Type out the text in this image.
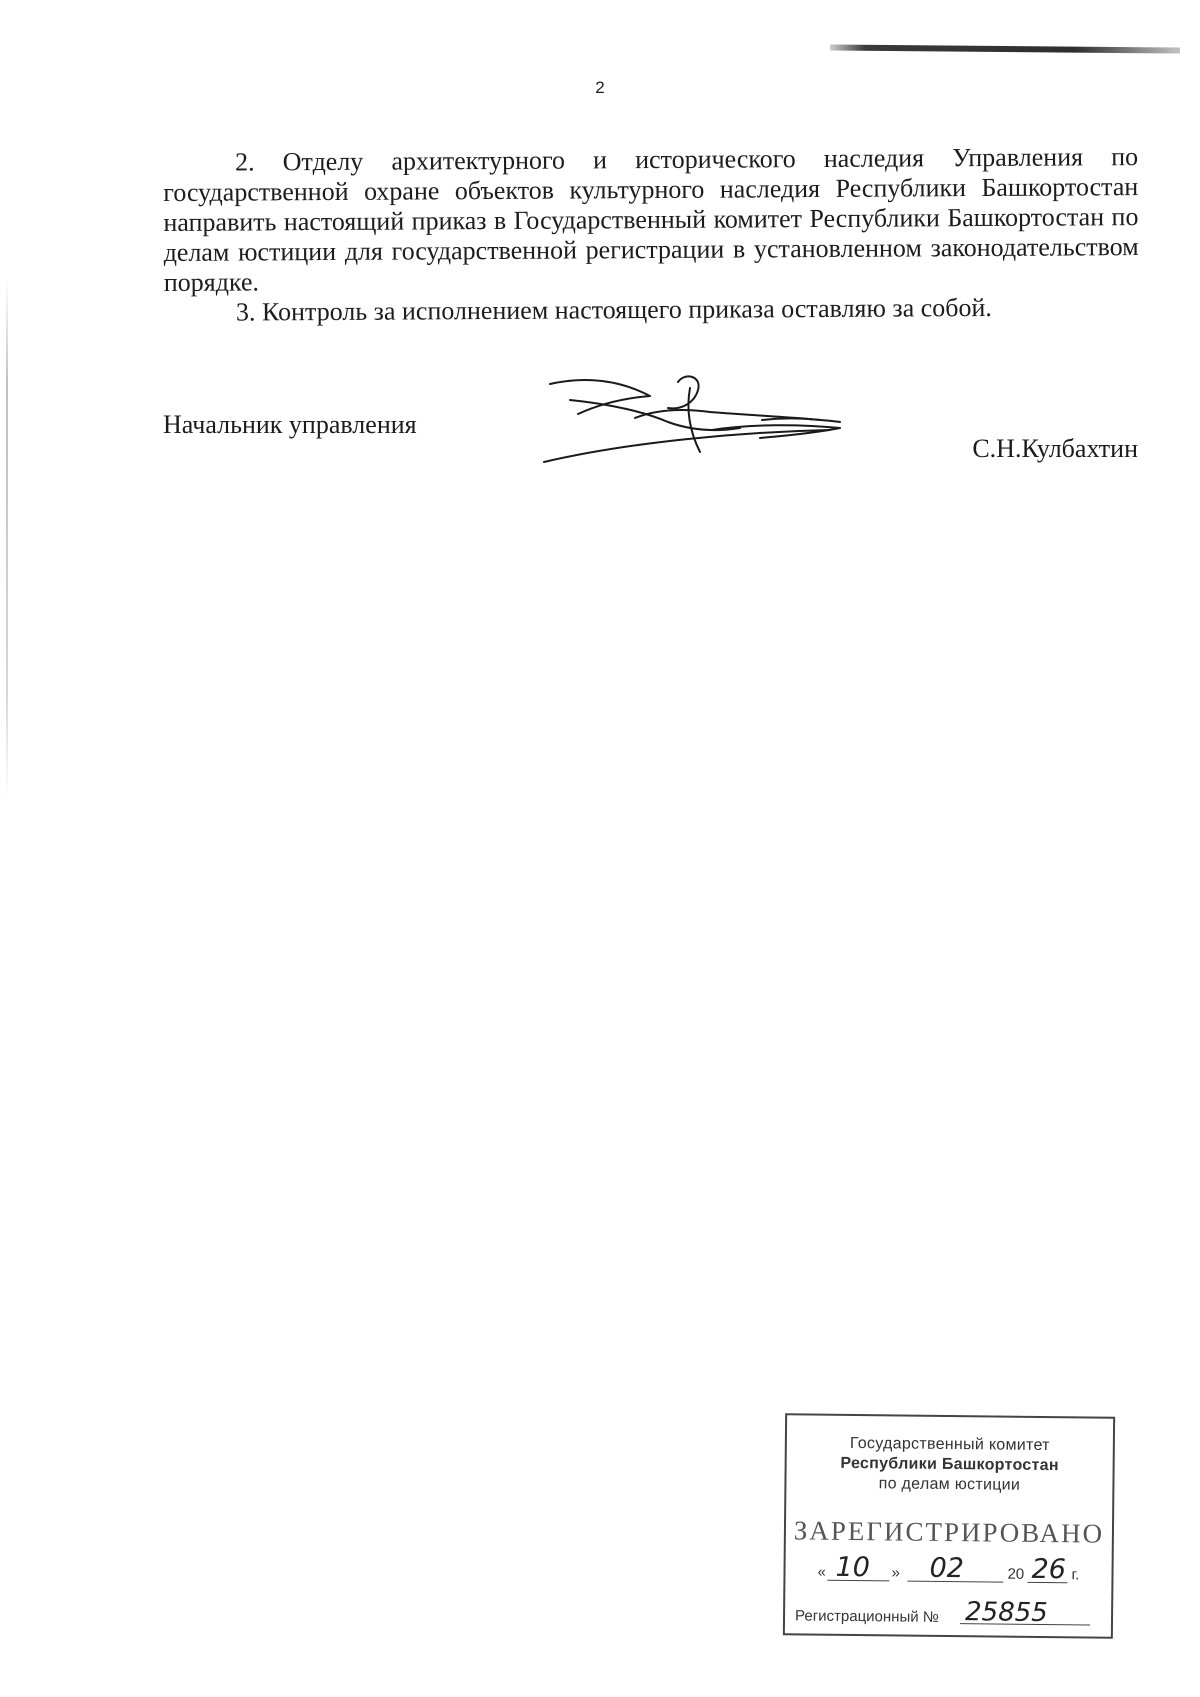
2

2. Отделу архитектурного и исторического наследия Управления по государственной охране объектов культурного наследия Республики Башкортостан направить настоящий приказ в Государственный комитет Республики Башкортостан по делам юстиции для государственной регистрации в установленном законодательством порядке.

3. Контроль за исполнением настоящего приказа оставляю за собой.

Начальник управления
С.Н.Кулбахтин
Государственный комитет
Республики Башкортостан
по делам юстиции
ЗАРЕГИСТРИРОВАНО
« 10 » 02	20 26 г.
Регистрационный № 25855
